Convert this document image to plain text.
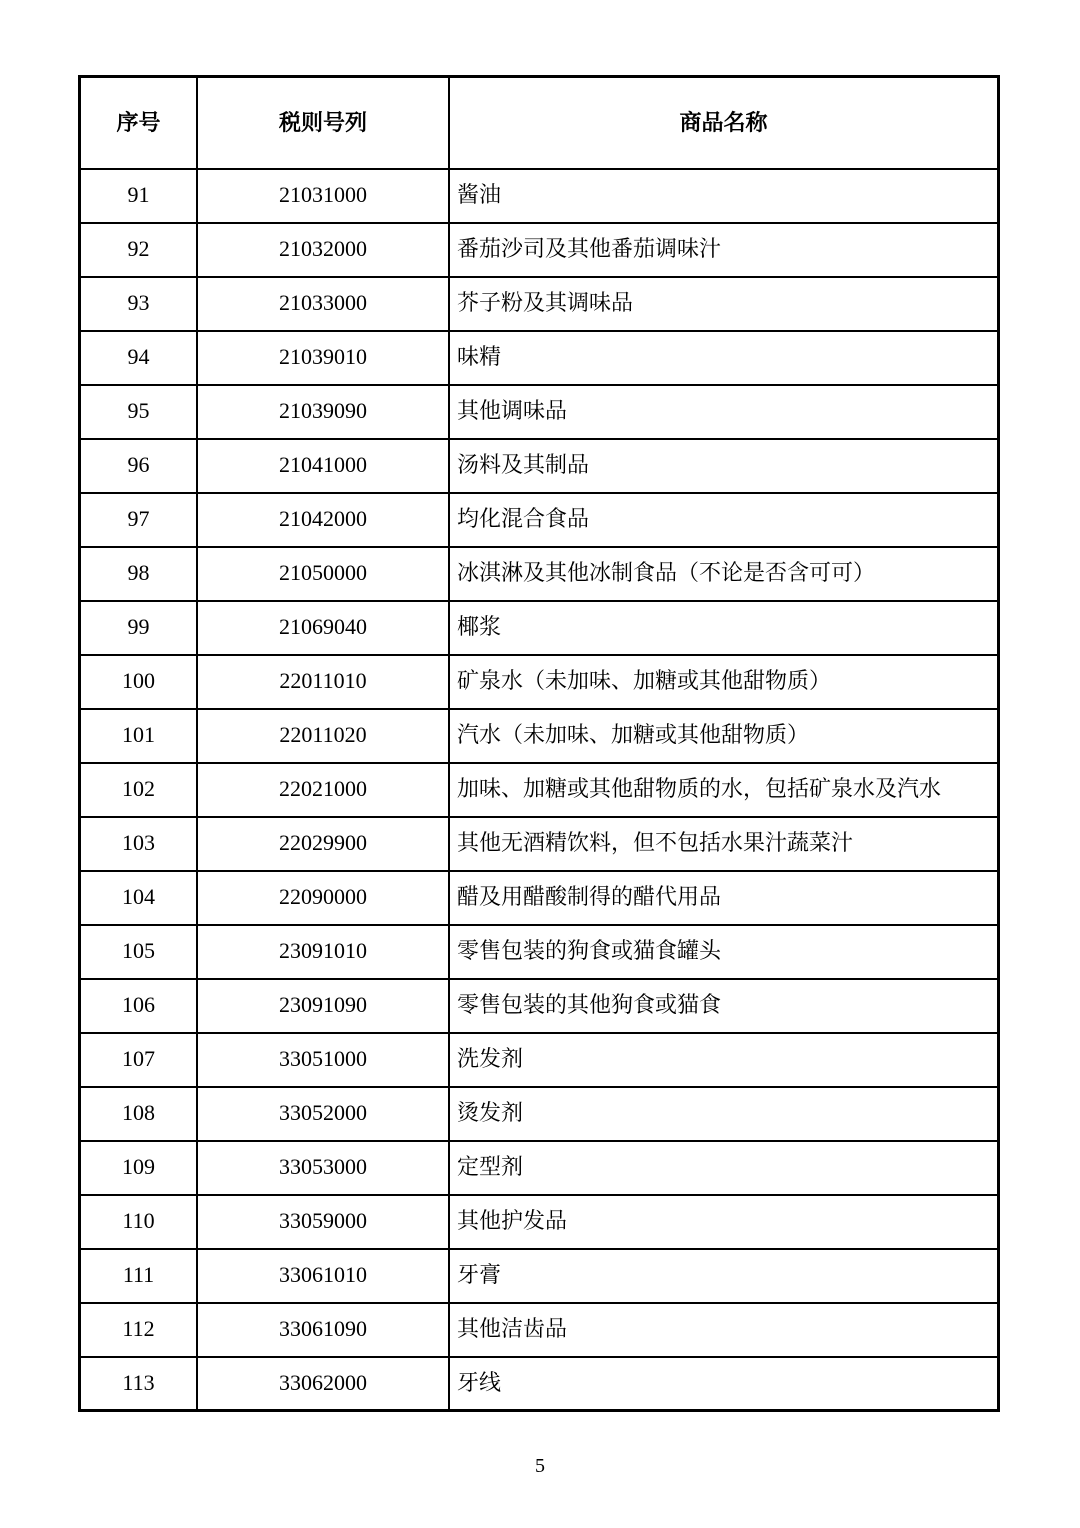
序号	税则号列	商品名称
91	21031000	酱油
92	21032000	番茄沙司及其他番茄调味汁
93	21033000	芥子粉及其调味品
94	21039010	味精
95	21039090	其他调味品
96	21041000	汤料及其制品
97	21042000	均化混合食品
98	21050000	冰淇淋及其他冰制食品（不论是否含可可）
99	21069040	椰浆
100	22011010	矿泉水（未加味、加糖或其他甜物质）
101	22011020	汽水（未加味、加糖或其他甜物质）
102	22021000	加味、加糖或其他甜物质的水，包括矿泉水及汽水
103	22029900	其他无酒精饮料，但不包括水果汁蔬菜汁
104	22090000	醋及用醋酸制得的醋代用品
105	23091010	零售包装的狗食或猫食罐头
106	23091090	零售包装的其他狗食或猫食
107	33051000	洗发剂
108	33052000	烫发剂
109	33053000	定型剂
110	33059000	其他护发品
111	33061010	牙膏
112	33061090	其他洁齿品
113	33062000	牙线
5
